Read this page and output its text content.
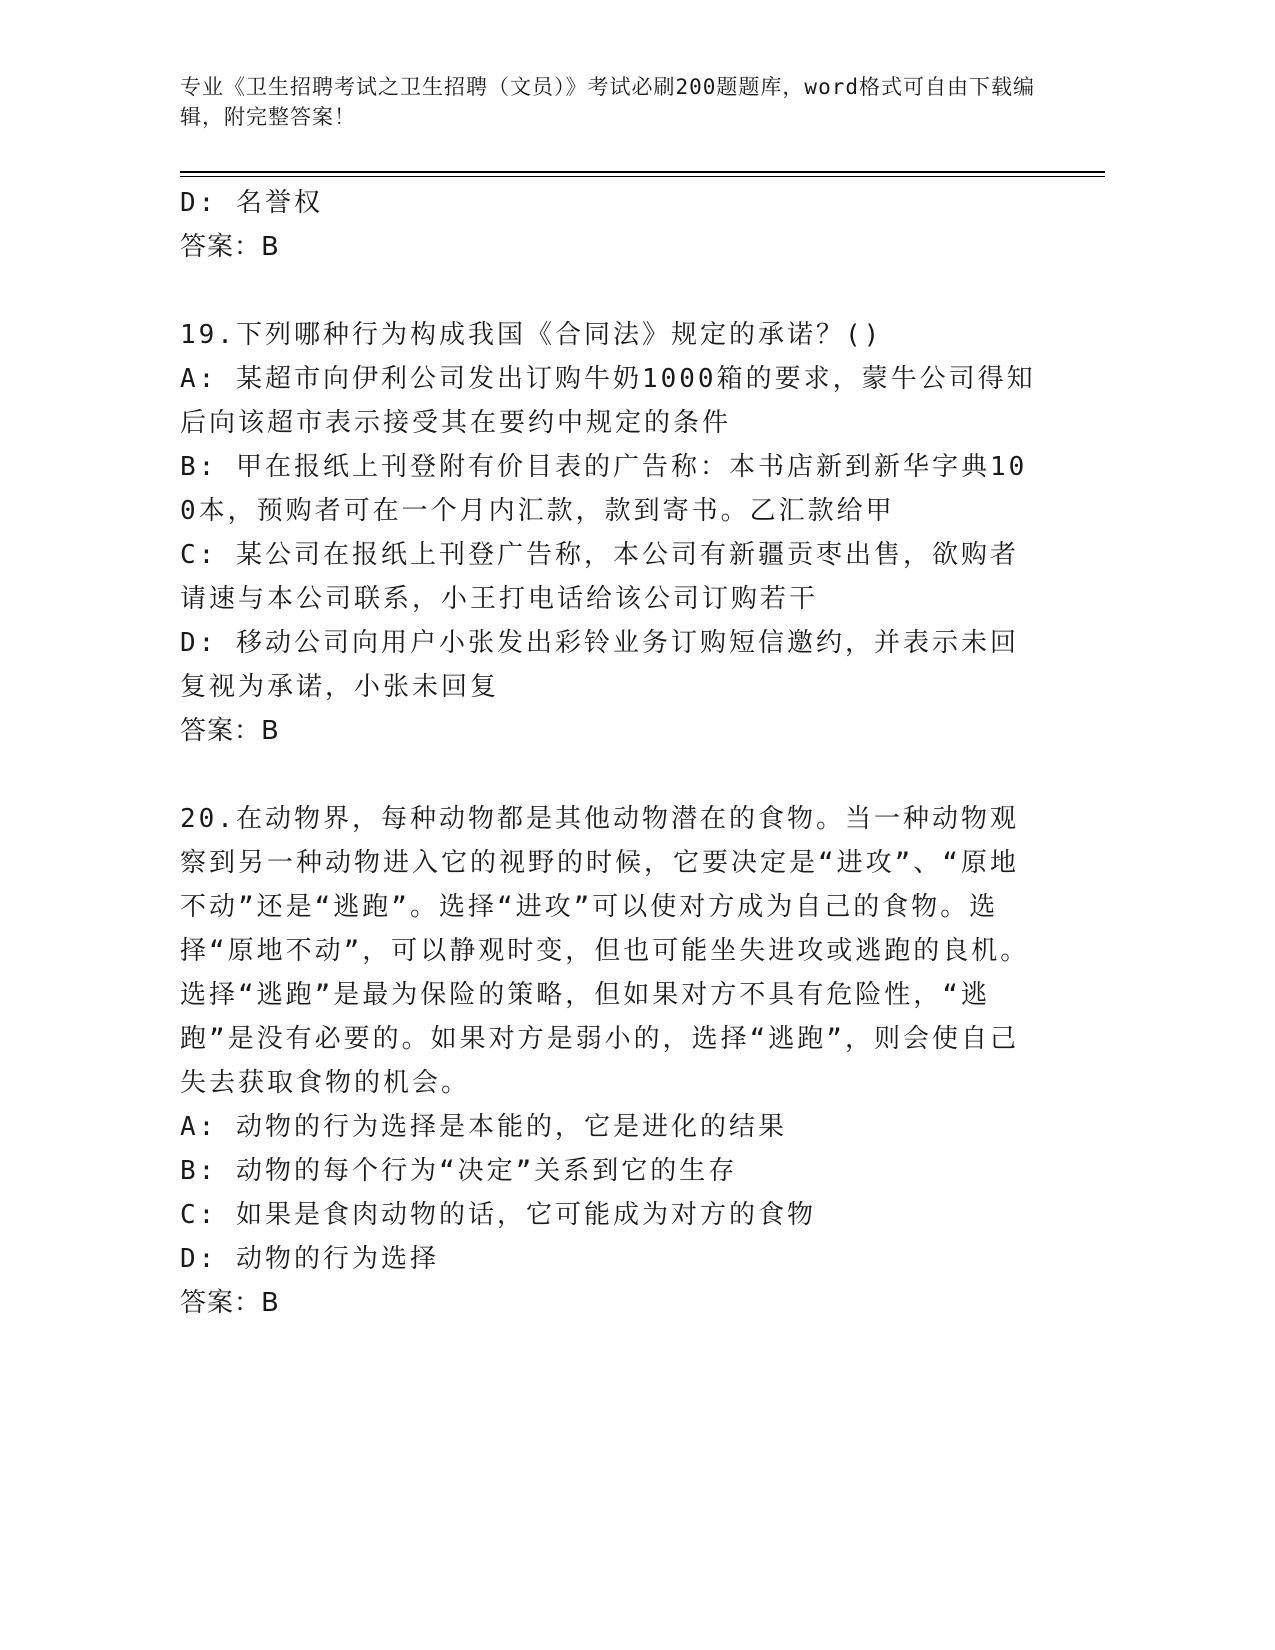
专业《卫生招聘考试之卫生招聘（文员）》考试必刷200题题库，word格式可自由下载编辑，附完整答案！
D: 名誉权
答案：B
19.下列哪种行为构成我国《合同法》规定的承诺？()
A: 某超市向伊利公司发出订购牛奶1000箱的要求，蒙牛公司得知后向该超市表示接受其在要约中规定的条件
B: 甲在报纸上刊登附有价目表的广告称：本书店新到新华字典100本，预购者可在一个月内汇款，款到寄书。乙汇款给甲
C: 某公司在报纸上刊登广告称，本公司有新疆贡枣出售，欲购者请速与本公司联系，小王打电话给该公司订购若干
D: 移动公司向用户小张发出彩铃业务订购短信邀约，并表示未回复视为承诺，小张未回复
答案：B
20.在动物界，每种动物都是其他动物潜在的食物。当一种动物观察到另一种动物进入它的视野的时候，它要决定是“进攻”、“原地不动”还是“逃跑”。选择“进攻”可以使对方成为自己的食物。选择“原地不动”，可以静观时变，但也可能坐失进攻或逃跑的良机。选择“逃跑”是最为保险的策略，但如果对方不具有危险性，“逃跑”是没有必要的。如果对方是弱小的，选择“逃跑”，则会使自己失去获取食物的机会。
A: 动物的行为选择是本能的，它是进化的结果
B: 动物的每个行为“决定”关系到它的生存
C: 如果是食肉动物的话，它可能成为对方的食物
D: 动物的行为选择
答案：B
